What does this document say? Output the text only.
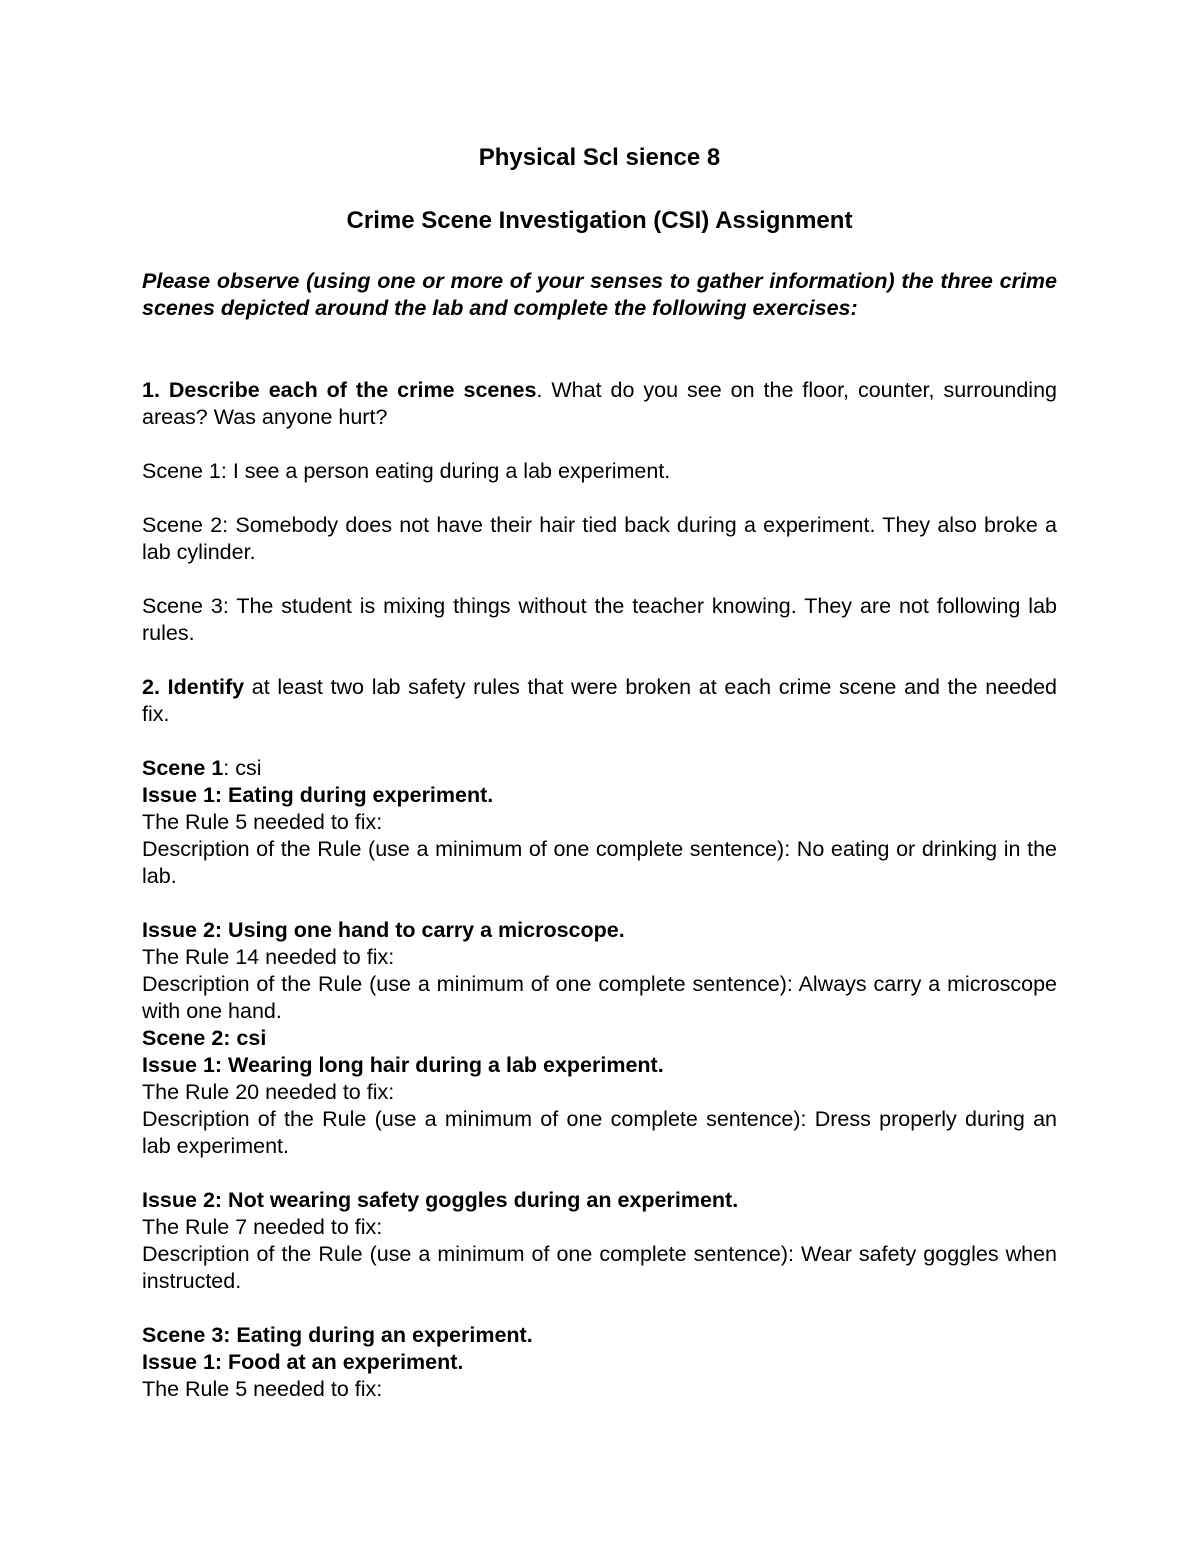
Physical Scl sience 8
Crime Scene Investigation (CSI) Assignment

Please observe (using one or more of your senses to gather information) the three crime scenes depicted around the lab and complete the following exercises:

1. Describe each of the crime scenes. What do you see on the floor, counter, surrounding areas? Was anyone hurt?

Scene 1: I see a person eating during a lab experiment.

Scene 2: Somebody does not have their hair tied back during a experiment. They also broke a lab cylinder.

Scene 3: The student is mixing things without the teacher knowing. They are not following lab rules.

2. Identify at least two lab safety rules that were broken at each crime scene and the needed fix.

Scene 1: csi
Issue 1: Eating during experiment.
The Rule 5 needed to fix:
Description of the Rule (use a minimum of one complete sentence): No eating or drinking in the lab.
Issue 2: Using one hand to carry a microscope.
The Rule 14 needed to fix:
Description of the Rule (use a minimum of one complete sentence): Always carry a microscope with one hand.
Scene 2: csi
Issue 1: Wearing long hair during a lab experiment.
The Rule 20 needed to fix:
Description of the Rule (use a minimum of one complete sentence): Dress properly during an lab experiment.
Issue 2: Not wearing safety goggles during an experiment.
The Rule 7 needed to fix:
Description of the Rule (use a minimum of one complete sentence): Wear safety goggles when instructed.
Scene 3: Eating during an experiment.
Issue 1: Food at an experiment.
The Rule 5 needed to fix:
